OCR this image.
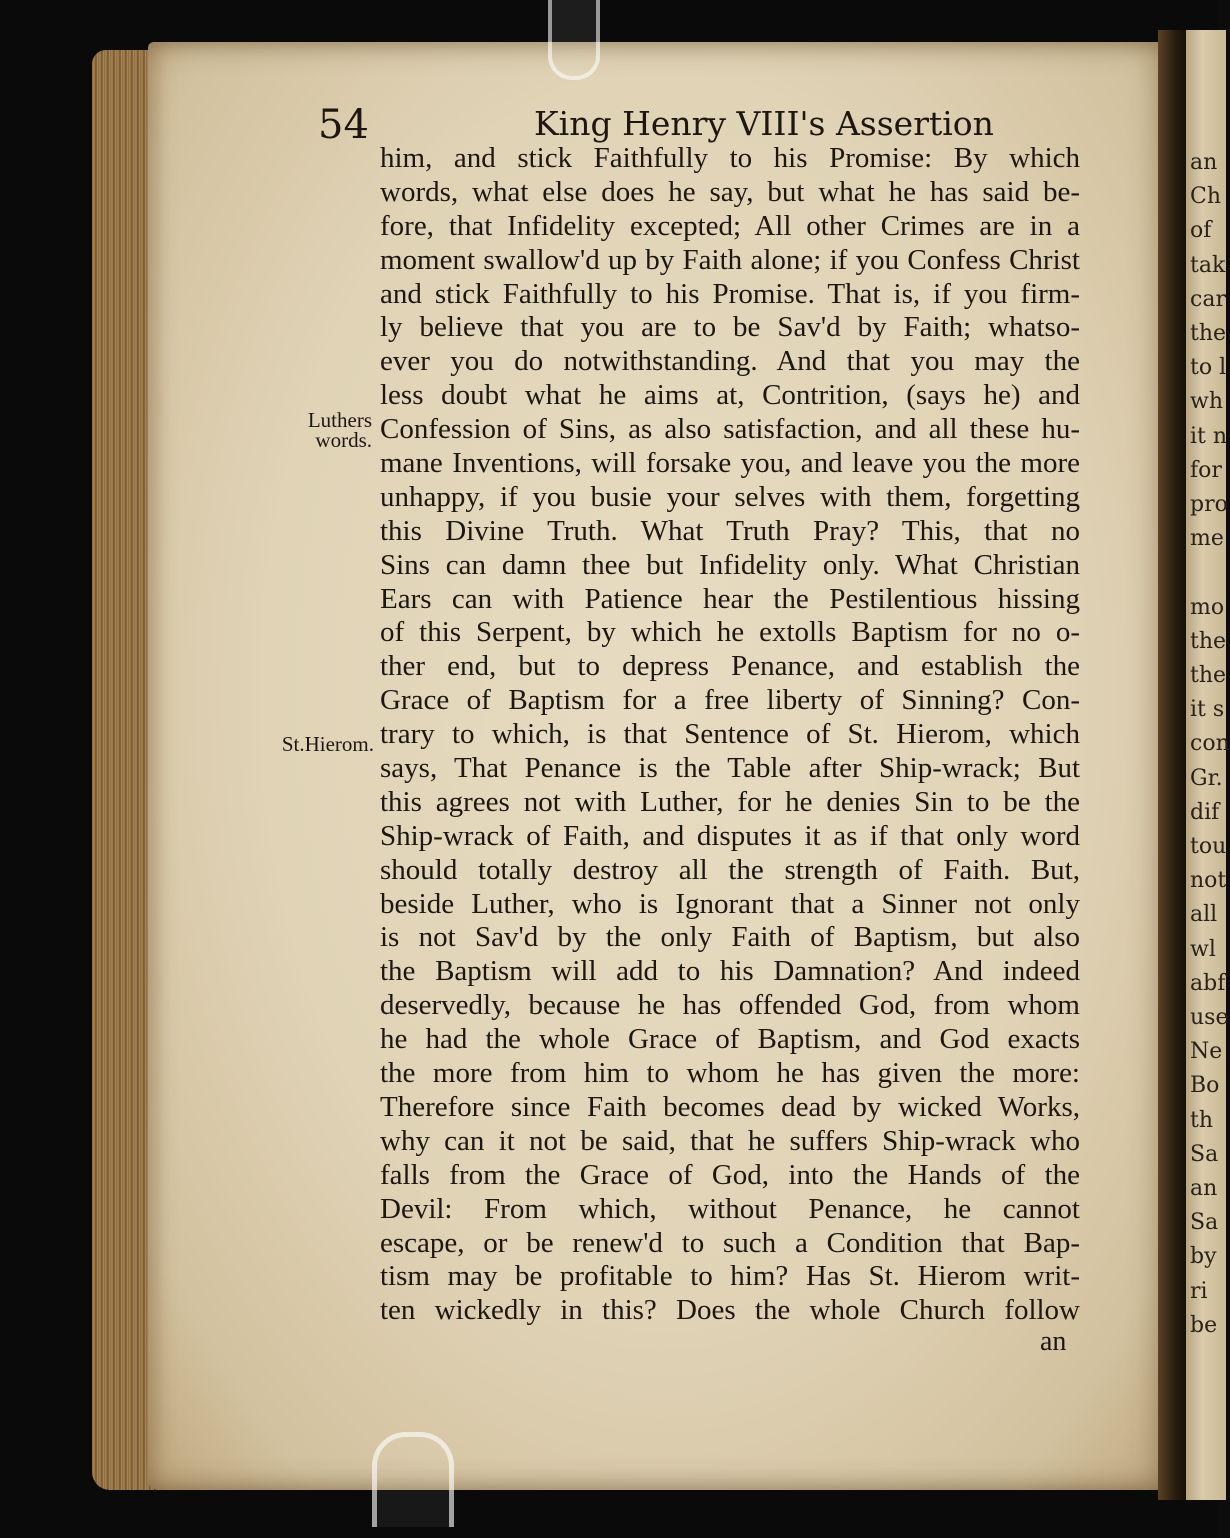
an
Ch
of
tak
car
the
to l
wh
it n
for
pro
me
mo
the
the
it s
con
Gr.
dif
tou
not
all
wl
abf
use
Ne
Bo
th
Sa
an
Sa
by
ri
be
54	King Henry VIII's Assertion
Luthers words.
St.Hierom.
him, and stick Faithfully to his Promise: By which
words, what else does he say, but what he has said be-
fore, that Infidelity excepted; All other Crimes are in a
moment swallow'd up by Faith alone; if you Confess Christ
and stick Faithfully to his Promise. That is, if you firm-
ly believe that you are to be Sav'd by Faith; whatso-
ever you do notwithstanding. And that you may the
less doubt what he aims at, Contrition, (says he) and
Confession of Sins, as also satisfaction, and all these hu-
mane Inventions, will forsake you, and leave you the more
unhappy, if you busie your selves with them, forgetting
this Divine Truth. What Truth Pray? This, that no
Sins can damn thee but Infidelity only. What Christian
Ears can with Patience hear the Pestilentious hissing
of this Serpent, by which he extolls Baptism for no o-
ther end, but to depress Penance, and establish the
Grace of Baptism for a free liberty of Sinning? Con-
trary to which, is that Sentence of St. Hierom, which
says, That Penance is the Table after Ship-wrack; But
this agrees not with Luther, for he denies Sin to be the
Ship-wrack of Faith, and disputes it as if that only word
should totally destroy all the strength of Faith. But,
beside Luther, who is Ignorant that a Sinner not only
is not Sav'd by the only Faith of Baptism, but also
the Baptism will add to his Damnation? And indeed
deservedly, because he has offended God, from whom
he had the whole Grace of Baptism, and God exacts
the more from him to whom he has given the more:
Therefore since Faith becomes dead by wicked Works,
why can it not be said, that he suffers Ship-wrack who
falls from the Grace of God, into the Hands of the
Devil: From which, without Penance, he cannot
escape, or be renew'd to such a Condition that Bap-
tism may be profitable to him? Has St. Hierom writ-
ten wickedly in this? Does the whole Church follow
an
